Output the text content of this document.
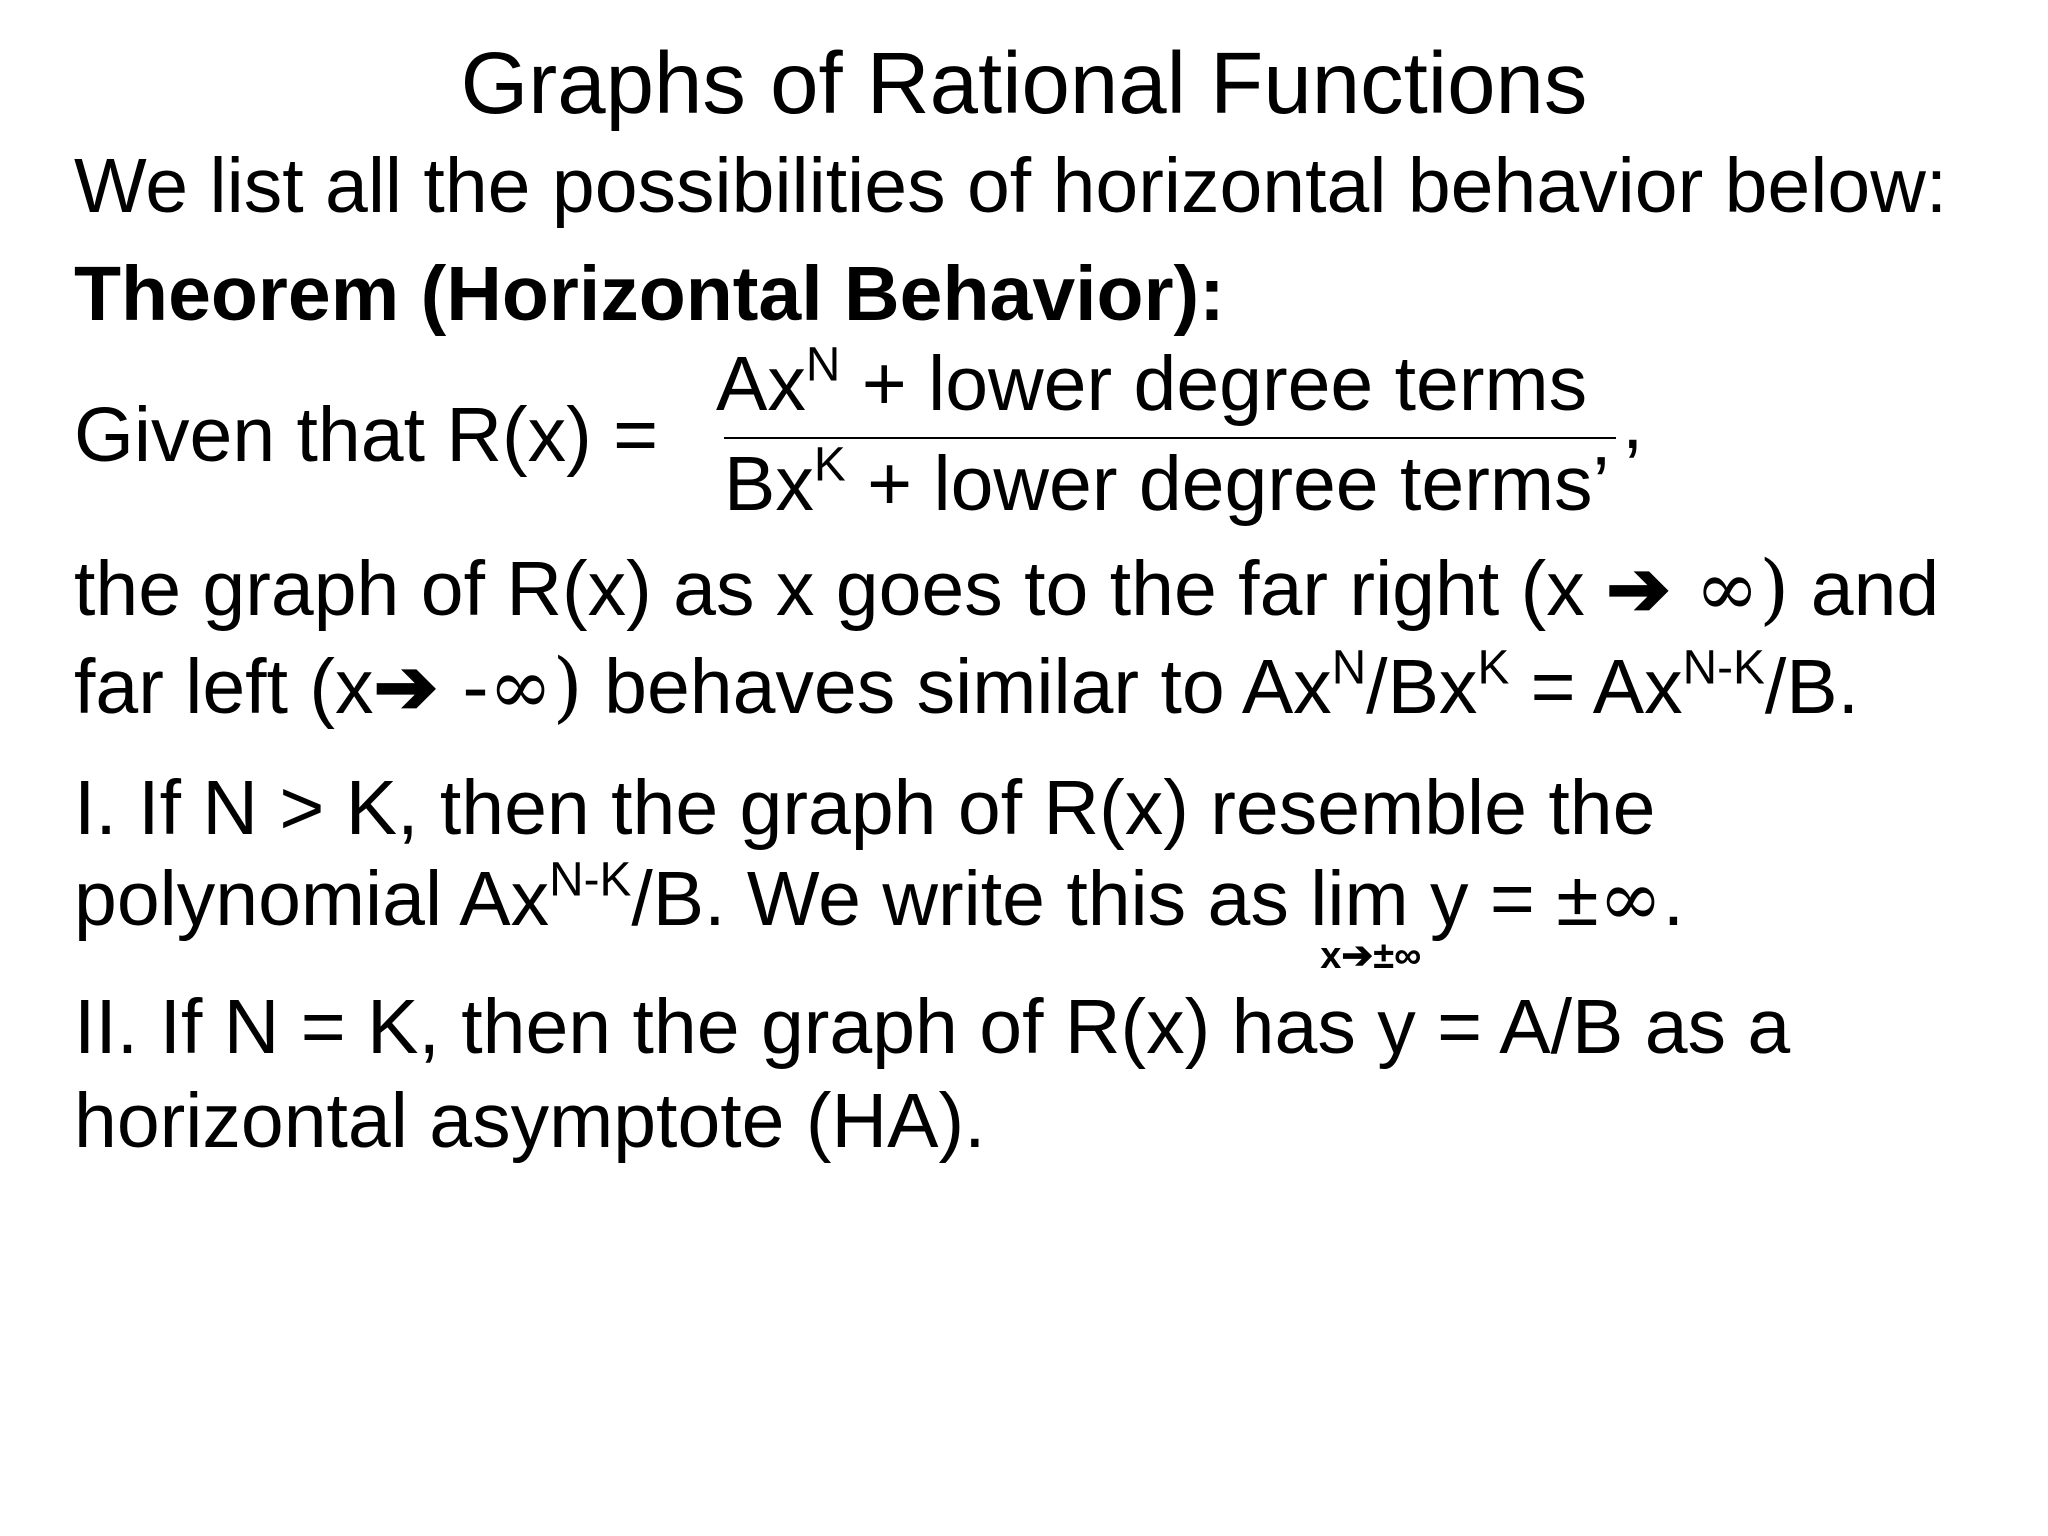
Graphs of Rational Functions

We list all the possibilities of horizontal behavior below:

Theorem (Horizontal Behavior):

Given that R(x) =

$Ax^N$ + lower degree terms

$Bx^K$ + lower degree terms’

,

the graph of R(x) as x goes to the far right (x ➔ ∞) and

far left (x➔ -∞) behaves similar to $Ax^N/Bx^K = Ax^{N-K}/B$.

I. If N > K, then the graph of R(x) resemble the

polynomial $Ax^{N-K}/B$. We write this as lim
x➔±∞
y = ±∞.

II. If N = K, then the graph of R(x) has y = A/B as a

horizontal asymptote (HA).
